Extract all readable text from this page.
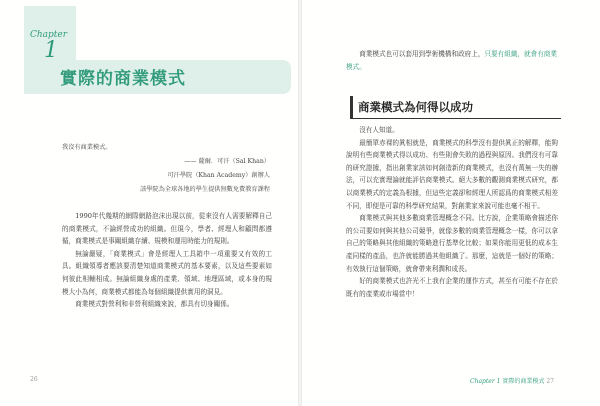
Chapter
1
實際的商業模式
我沒有商業模式。
—— 薩爾．可汗（Sal Khan）
可汗學院（Khan Academy）創辦人
該學院為全球各地的學生提供無數免費教育課程

1990年代幾期的網際網路泡沫出現以前，從來沒有人需要解釋自己的商業模式，不論經營成功的組織。但現今，學者、經理人和顧問都遵循，商業模式是事關組織存續、規模和運用時能力的規則。

無論嚴疑，「商業模式」會是經理人工具箱中一項重要又有效的工具。組織領導者應該要清楚知道商業模式的基本要素，以及這些要素如何彼此相輔相成。無論組織身處的產業、領域、地理區域，或本身的規模大小為何，商業模式都能為每個組織提供實用的洞見。

商業模式對營利和非營利組織來說，都具有切身關係。

商業模式也可以套用到學術機構和政府上，只要有組織，就會有商業模式。

商業模式為何得以成功

沒有人知道。

最簡單赤裸的眞相就是，商業模式的科學沒有提供眞正的解釋，能夠說明有些商業模式得以成功、有些則會失敗的過程與原因。我們沒有可靠的研究證據，指出創業家該如何創造新的商業模式，也沒有萬無一失的辦法，可以充實理論就能評估商業模式。絕大多數的觀測商業模式研究，都以商業模式的定義為根據，但這些定義卻和經理人所認爲的商業模式相差不同，即便是可靠的科學研究結果，對創業家來說可能也毫不相干。

商業模式與其他多數商業管理概念不同。比方說，企業策略會描述你的公司要如何與其他公司競爭，就像多數的商業管理概念一樣，你可以拿自己的策略與其他組織的策略進行基準化比較；如果你能用更低的成本生產同樣的產品，也許就能勝過其他組織了。那麼，這就是一個好的策略；有效執行這個策略，就會帶來利潤和成長。

好的商業模式也許光不上我有企業的運作方式，甚至有可能不存在於既有的產業或市場當中！

26	Chapter 1 實際的商業模式 27
